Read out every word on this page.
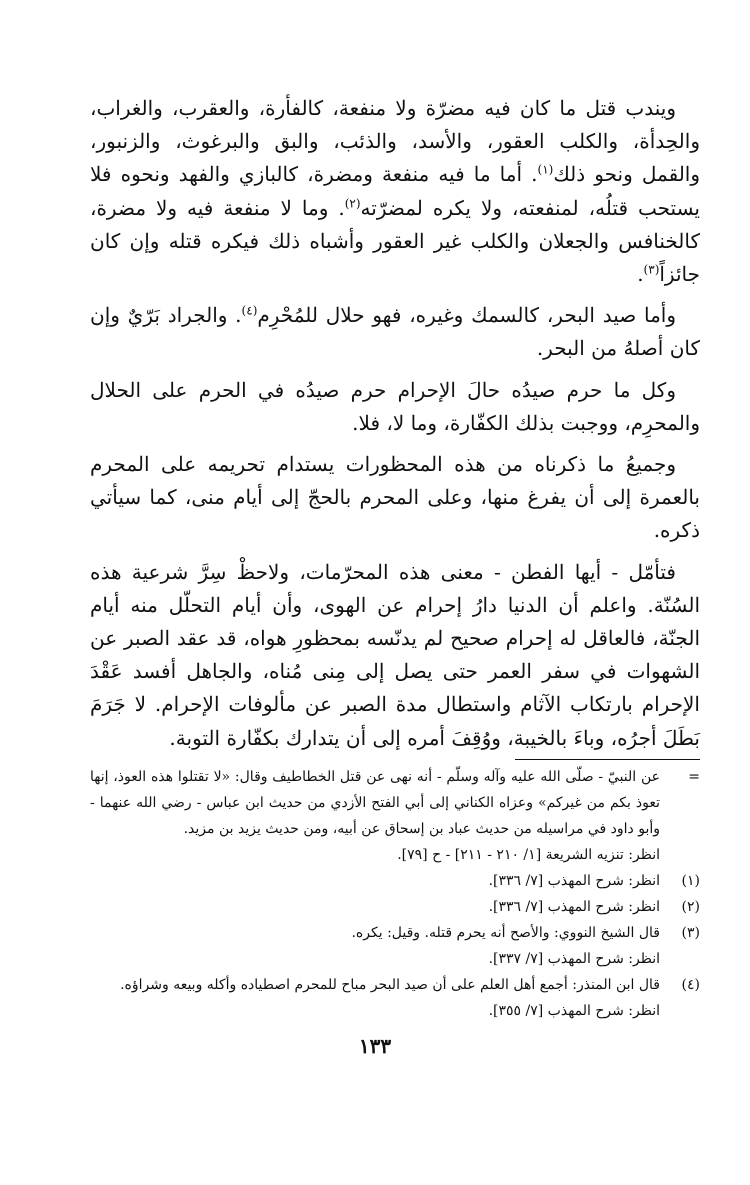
ويندب قتل ما كان فيه مضرّة ولا منفعة، كالفأرة، والعقرب، والغراب، والحِدأة، والكلب العقور، والأسد، والذئب، والبق والبرغوث، والزنبور، والقمل ونحو ذلك$^{(١)}$. أما ما فيه منفعة ومضرة، كالبازي والفهد ونحوه فلا يستحب قتلُه، لمنفعته، ولا يكره لمضرّته$^{(٢)}$. وما لا منفعة فيه ولا مضرة، كالخنافس والجعلان والكلب غير العقور وأشباه ذلك فيكره قتله وإن كان جائزاً$^{(٣)}$.

وأما صيد البحر، كالسمك وغيره، فهو حلال للمُحْرِم$^{(٤)}$. والجراد بَرّيٌ وإن كان أصلهُ من البحر.

وكل ما حرم صيدُه حالَ الإحرام حرم صيدُه في الحرم على الحلال والمحرِم، ووجبت بذلك الكفّارة، وما لا، فلا.

وجميعُ ما ذكرناه من هذه المحظورات يستدام تحريمه على المحرم بالعمرة إلى أن يفرغ منها، وعلى المحرم بالحجّ إلى أيام منى، كما سيأتي ذكره.

فتأمّل - أيها الفطن - معنى هذه المحرّمات، ولاحظْ سِرَّ شرعية هذه السُنّة. واعلم أن الدنيا دارُ إحرام عن الهوى، وأن أيام التحلّل منه أيام الجنّة، فالعاقل له إحرام صحيح لم يدنّسه بمحظورِ هواه، قد عقد الصبر عن الشهوات في سفر العمر حتى يصل إلى مِنى مُناه، والجاهل أفسد عَقْدَ الإحرام بارتكاب الآثام واستطال مدة الصبر عن مألوفات الإحرام. لا جَرَمَ بَطَلَ أجرُه، وباءَ بالخيبة، ووُقِفَ أمره إلى أن يتدارك بكفّارة التوبة.

=
عن النبيّ - صلّى الله عليه وآله وسلّم - أنه نهى عن قتل الخطاطيف وقال: «لا تقتلوا هذه العوذ، إنها تعوذ بكم من غيركم» وعزاه الكناني إلى أبي الفتح الأزدي من حديث ابن عباس - رضي الله عنهما - وأبو داود في مراسيله من حديث عباد بن إسحاق عن أبيه، ومن حديث يزيد بن مزيد.
انظر: تنزيه الشريعة [١/ ٢١٠ - ٢١١] - ح [٧٩].
(١)
انظر: شرح المهذب [٧/ ٣٣٦].
(٢)
انظر: شرح المهذب [٧/ ٣٣٦].
(٣)
قال الشيخ النووي: والأصح أنه يحرم قتله. وقيل: يكره.
انظر: شرح المهذب [٧/ ٣٣٧].
(٤)
قال ابن المنذر: أجمع أهل العلم على أن صيد البحر مباح للمحرم اصطياده وأكله وبيعه وشراؤه.
انظر: شرح المهذب [٧/ ٣٥٥].
١٣٣
